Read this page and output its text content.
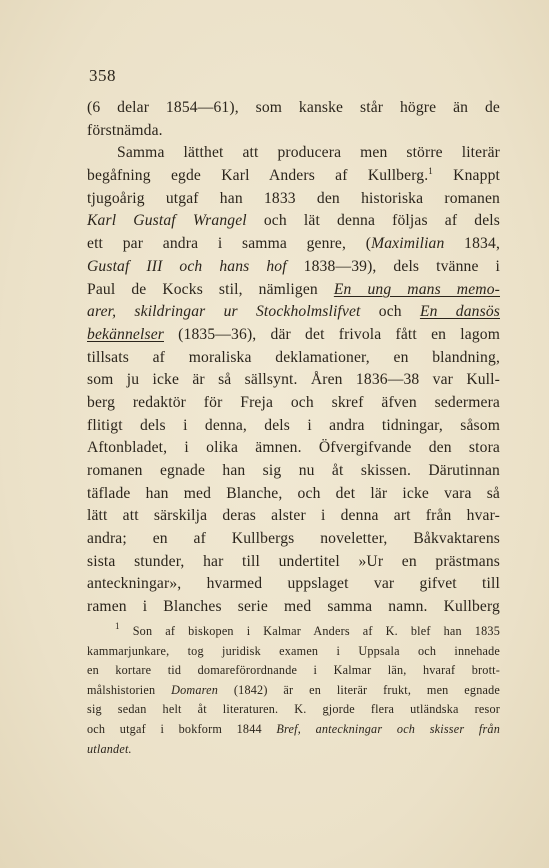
358
(6 delar 1854—61), som kanske står högre än de
förstnämda.
Samma lätthet att producera men större literär
begåfning egde Karl Anders af Kullberg.$^1$ Knappt
tjugoårig utgaf han 1833 den historiska romanen
Karl Gustaf Wrangel och lät denna följas af dels
ett par andra i samma genre, (Maximilian 1834,
Gustaf III och hans hof 1838—39), dels tvänne i
Paul de Kocks stil, nämligen En ung mans memo-
arer, skildringar ur Stockholmslifvet och En dansös
bekännelser (1835—36), där det frivola fått en lagom
tillsats af moraliska deklamationer, en blandning,
som ju icke är så sällsynt. Åren 1836—38 var Kull-
berg redaktör för Freja och skref äfven sedermera
flitigt dels i denna, dels i andra tidningar, såsom
Aftonbladet, i olika ämnen. Öfvergifvande den stora
romanen egnade han sig nu åt skissen. Därutinnan
täflade han med Blanche, och det lär icke vara så
lätt att särskilja deras alster i denna art från hvar-
andra; en af Kullbergs noveletter, Båkvaktarens
sista stunder, har till undertitel »Ur en prästmans
anteckningar», hvarmed uppslaget var gifvet till
ramen i Blanches serie med samma namn. Kullberg
$^1$ Son af biskopen i Kalmar Anders af K. blef han 1835
kammarjunkare, tog juridisk examen i Uppsala och innehade
en kortare tid domareförordnande i Kalmar län, hvaraf brott-
målshistorien Domaren (1842) är en literär frukt, men egnade
sig sedan helt åt literaturen. K. gjorde flera utländska resor
och utgaf i bokform 1844 Bref, anteckningar och skisser från
utlandet.
